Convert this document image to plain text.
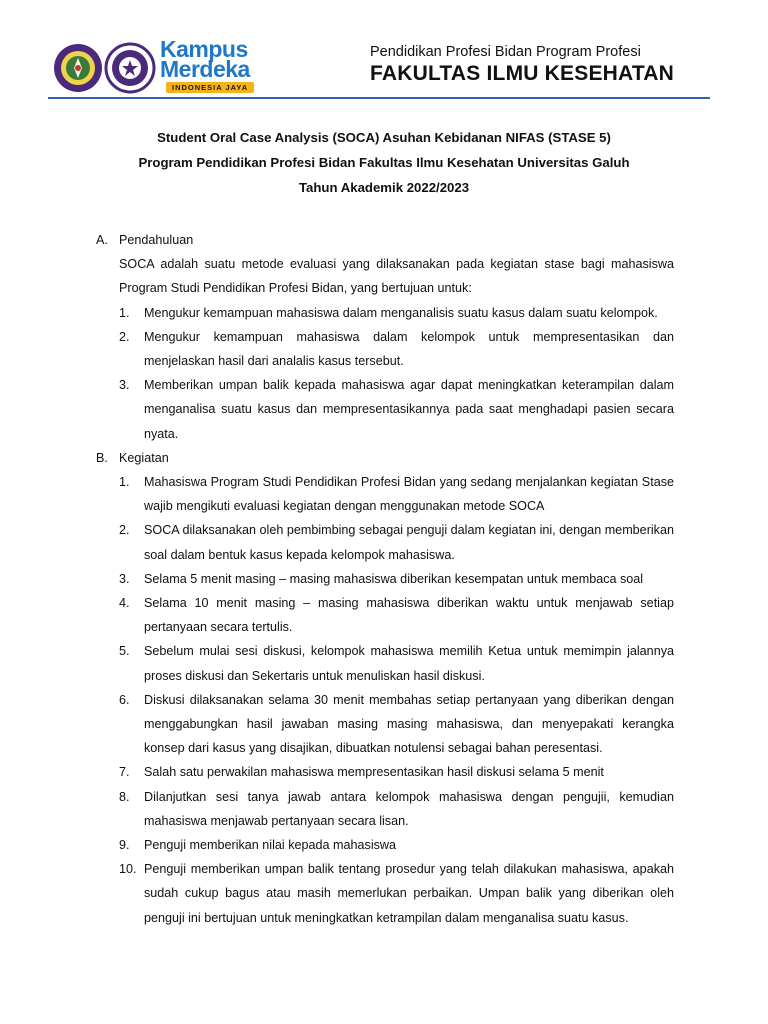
Kampus
Merdeka
INDONESIA JAYA
Pendidikan Profesi Bidan Program Profesi
FAKULTAS ILMU KESEHATAN
Student Oral Case Analysis (SOCA) Asuhan Kebidanan NIFAS (STASE 5)
Program Pendidikan Profesi Bidan Fakultas Ilmu Kesehatan Universitas Galuh
Tahun Akademik 2022/2023
A. Pendahuluan
SOCA adalah suatu metode evaluasi yang dilaksanakan pada kegiatan stase bagi mahasiswa Program Studi Pendidikan Profesi Bidan, yang bertujuan untuk:
1. Mengukur kemampuan mahasiswa dalam menganalisis suatu kasus dalam suatu kelompok.
2. Mengukur kemampuan mahasiswa dalam kelompok untuk mempresentasikan dan menjelaskan hasil dari analalis kasus tersebut.
3. Memberikan umpan balik kepada mahasiswa agar dapat meningkatkan keterampilan dalam menganalisa suatu kasus dan mempresentasikannya pada saat menghadapi pasien secara nyata.
B. Kegiatan
1. Mahasiswa Program Studi Pendidikan Profesi Bidan yang sedang menjalankan kegiatan Stase wajib mengikuti evaluasi kegiatan dengan menggunakan metode SOCA
2. SOCA dilaksanakan oleh pembimbing sebagai penguji dalam kegiatan ini, dengan memberikan soal dalam bentuk kasus kepada kelompok mahasiswa.
3. Selama 5 menit masing – masing mahasiswa diberikan kesempatan untuk membaca soal
4. Selama 10 menit masing – masing mahasiswa diberikan waktu untuk menjawab setiap pertanyaan secara tertulis.
5. Sebelum mulai sesi diskusi, kelompok mahasiswa memilih Ketua untuk memimpin jalannya proses diskusi dan Sekertaris untuk menuliskan hasil diskusi.
6. Diskusi dilaksanakan selama 30 menit membahas setiap pertanyaan yang diberikan dengan menggabungkan hasil jawaban masing masing mahasiswa, dan menyepakati kerangka konsep dari kasus yang disajikan, dibuatkan notulensi sebagai bahan peresentasi.
7. Salah satu perwakilan mahasiswa mempresentasikan hasil diskusi selama 5 menit
8. Dilanjutkan sesi tanya jawab antara kelompok mahasiswa dengan pengujii, kemudian mahasiswa menjawab pertanyaan secara lisan.
9. Penguji memberikan nilai kepada mahasiswa
10. Penguji memberikan umpan balik tentang prosedur yang telah dilakukan mahasiswa, apakah sudah cukup bagus atau masih memerlukan perbaikan. Umpan balik yang diberikan oleh penguji ini bertujuan untuk meningkatkan ketrampilan dalam menganalisa suatu kasus.
